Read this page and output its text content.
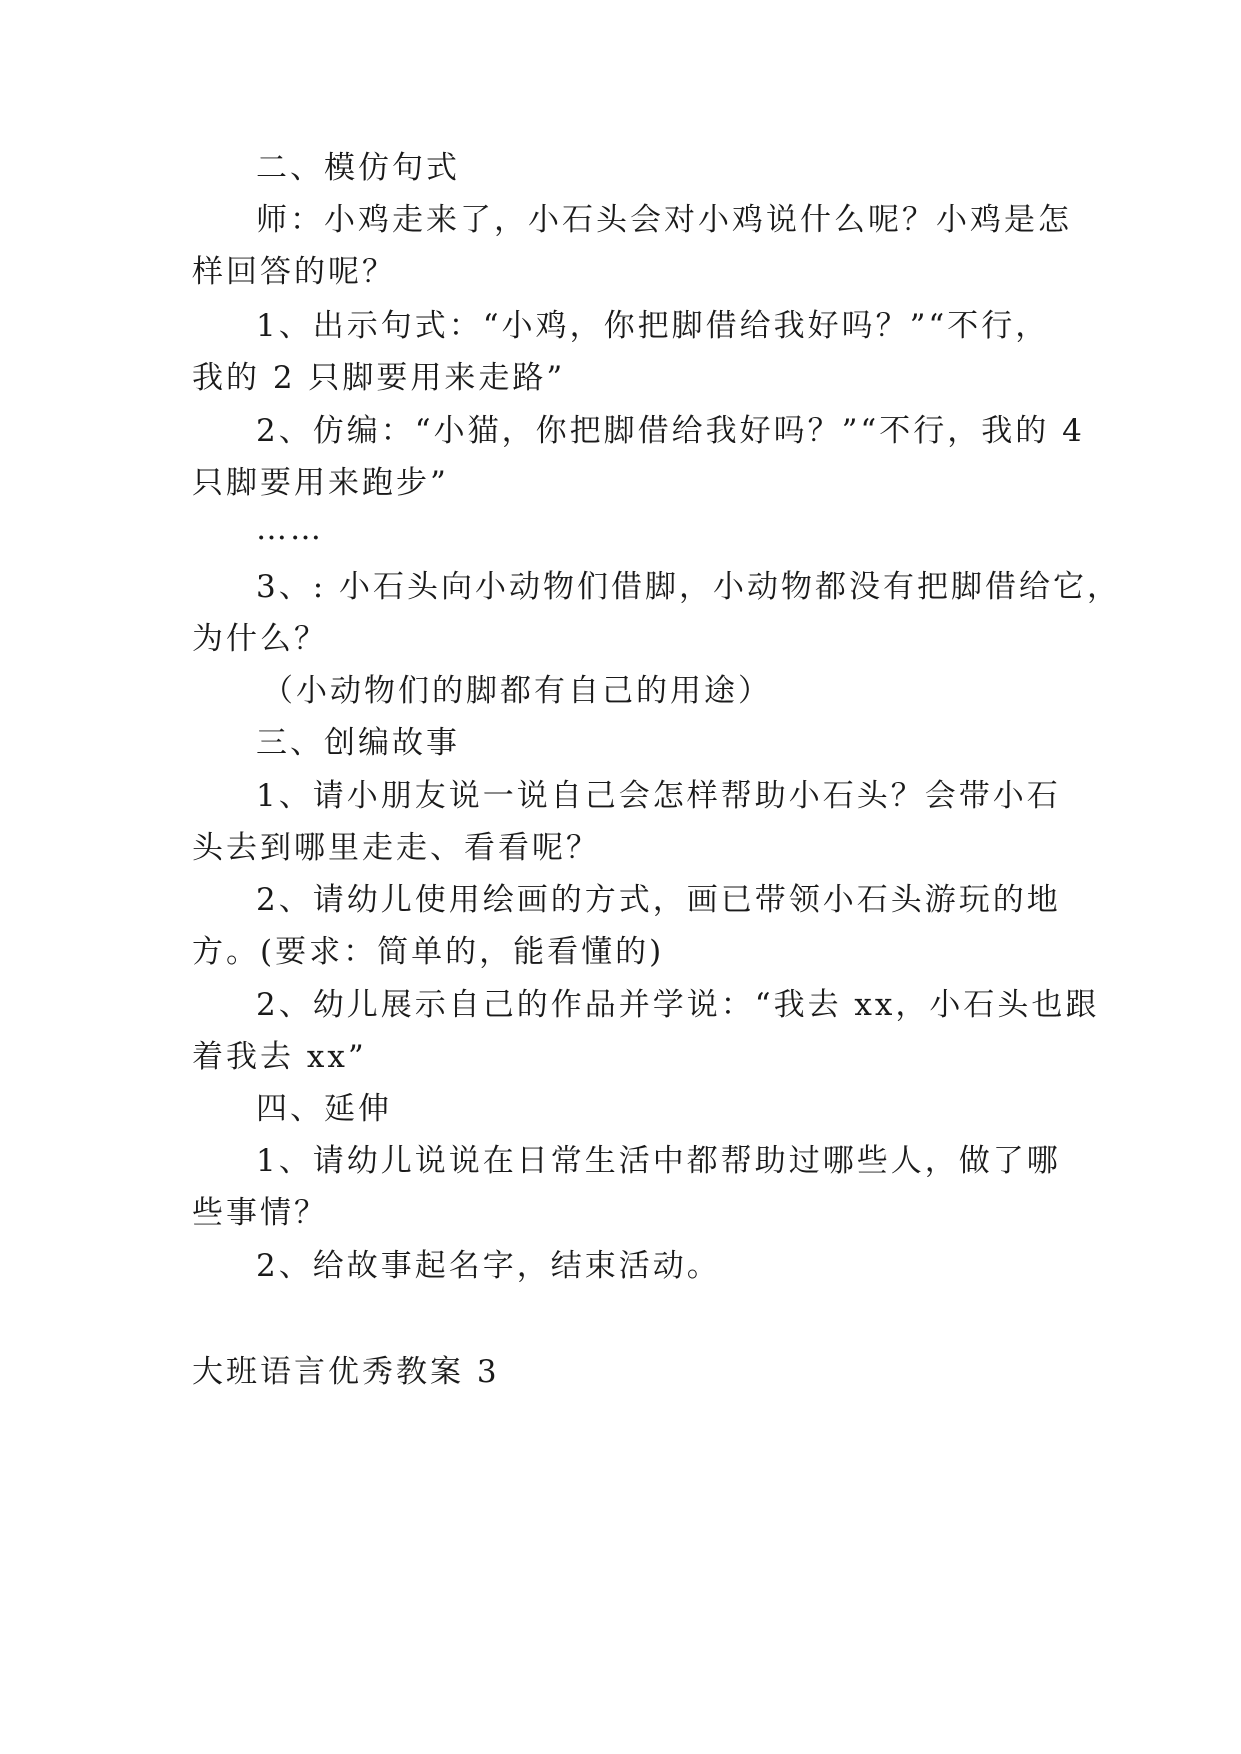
二、模仿句式
师：小鸡走来了，小石头会对小鸡说什么呢？小鸡是怎
样回答的呢？
1、出示句式：“小鸡，你把脚借给我好吗？”“不行，
我的 2 只脚要用来走路”
2、仿编：“小猫，你把脚借给我好吗？”“不行，我的 4
只脚要用来跑步”
……
3、: 小石头向小动物们借脚，小动物都没有把脚借给它，
为什么？
（小动物们的脚都有自己的用途）
三、创编故事
1、请小朋友说一说自己会怎样帮助小石头？会带小石
头去到哪里走走、看看呢？
2、请幼儿使用绘画的方式，画已带领小石头游玩的地
方。(要求：简单的，能看懂的)
2、幼儿展示自己的作品并学说：“我去 xx，小石头也跟
着我去 xx”
四、延伸
1、请幼儿说说在日常生活中都帮助过哪些人，做了哪
些事情？
2、给故事起名字，结束活动。
大班语言优秀教案 3
